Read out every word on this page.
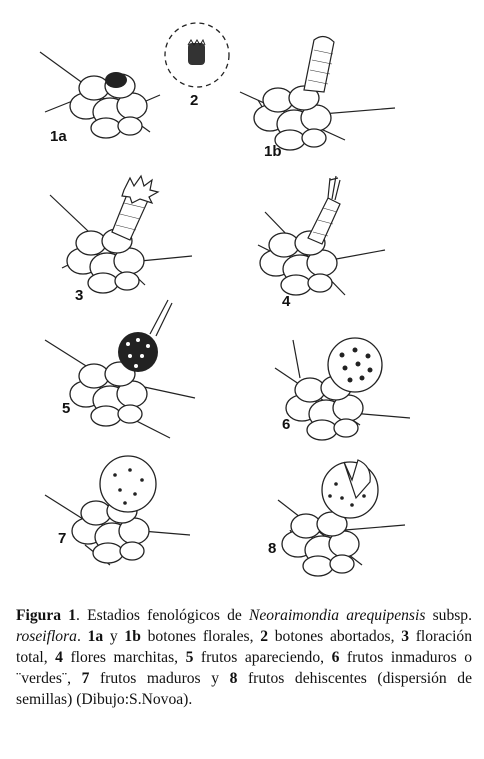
1a
1b
2
3	4
5
6
7
8
Figura 1. Estadios fenológicos de Neoraimondia arequipensis subsp. roseiflora. 1a y 1b botones florales, 2 botones abortados, 3 floración total, 4 flores marchitas, 5 frutos apareciendo, 6 frutos inmaduros o ¨verdes¨, 7 frutos maduros y 8 frutos dehiscentes (dispersión de semillas) (Dibujo:S.Novoa).
